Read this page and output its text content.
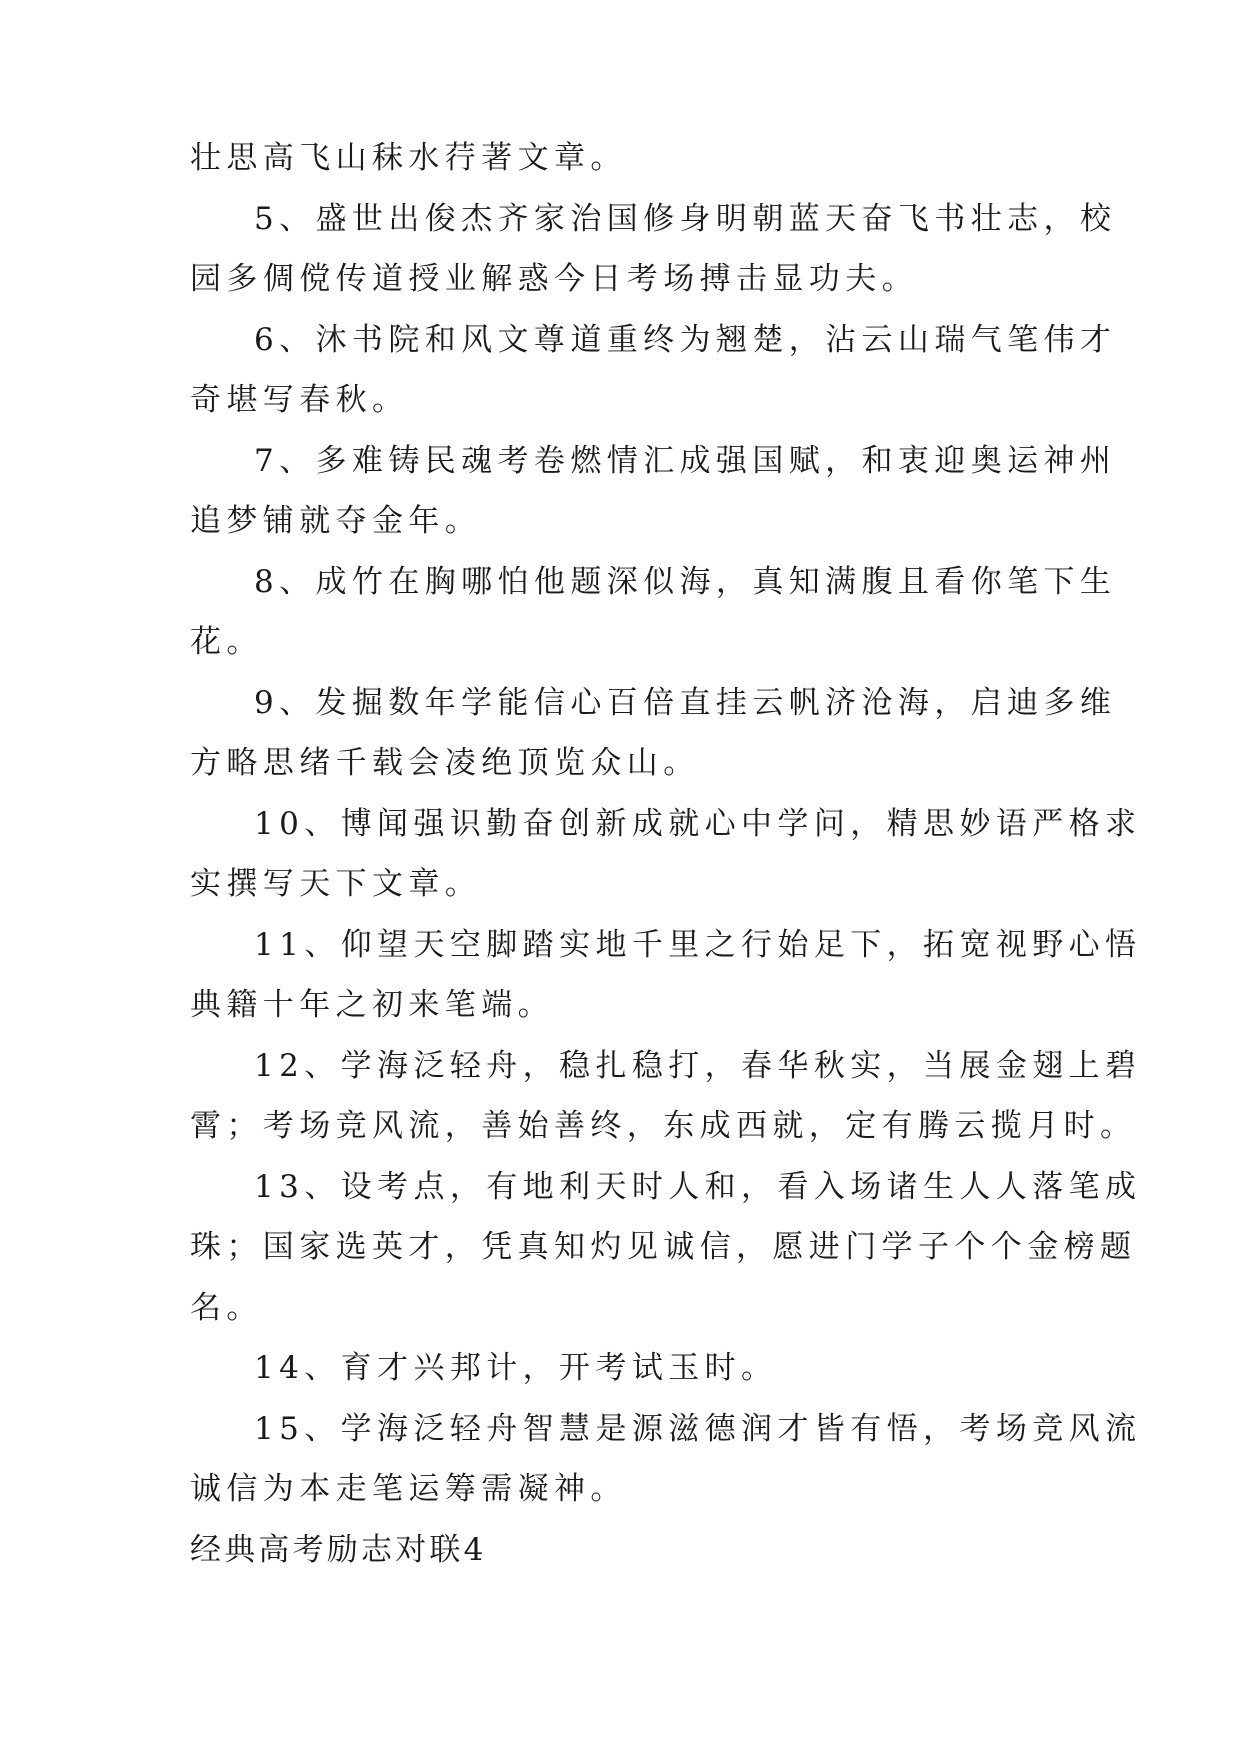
壮思高飞山秣水荇著文章。
5、盛世出俊杰齐家治国修身明朝蓝天奋飞书壮志，校
园多倜傥传道授业解惑今日考场搏击显功夫。
6、沐书院和风文尊道重终为翘楚，沾云山瑞气笔伟才
奇堪写春秋。
7、多难铸民魂考卷燃情汇成强国赋，和衷迎奥运神州
追梦铺就夺金年。
8、成竹在胸哪怕他题深似海，真知满腹且看你笔下生
花。
9、发掘数年学能信心百倍直挂云帆济沧海，启迪多维
方略思绪千载会凌绝顶览众山。
10、博闻强识勤奋创新成就心中学问，精思妙语严格求
实撰写天下文章。
11、仰望天空脚踏实地千里之行始足下，拓宽视野心悟
典籍十年之初来笔端。
12、学海泛轻舟，稳扎稳打，春华秋实，当展金翅上碧
霄；考场竞风流，善始善终，东成西就，定有腾云揽月时。
13、设考点，有地利天时人和，看入场诸生人人落笔成
珠；国家选英才，凭真知灼见诚信，愿进门学子个个金榜题
名。
14、育才兴邦计，开考试玉时。
15、学海泛轻舟智慧是源滋德润才皆有悟，考场竞风流
诚信为本走笔运筹需凝神。
经典高考励志对联4
